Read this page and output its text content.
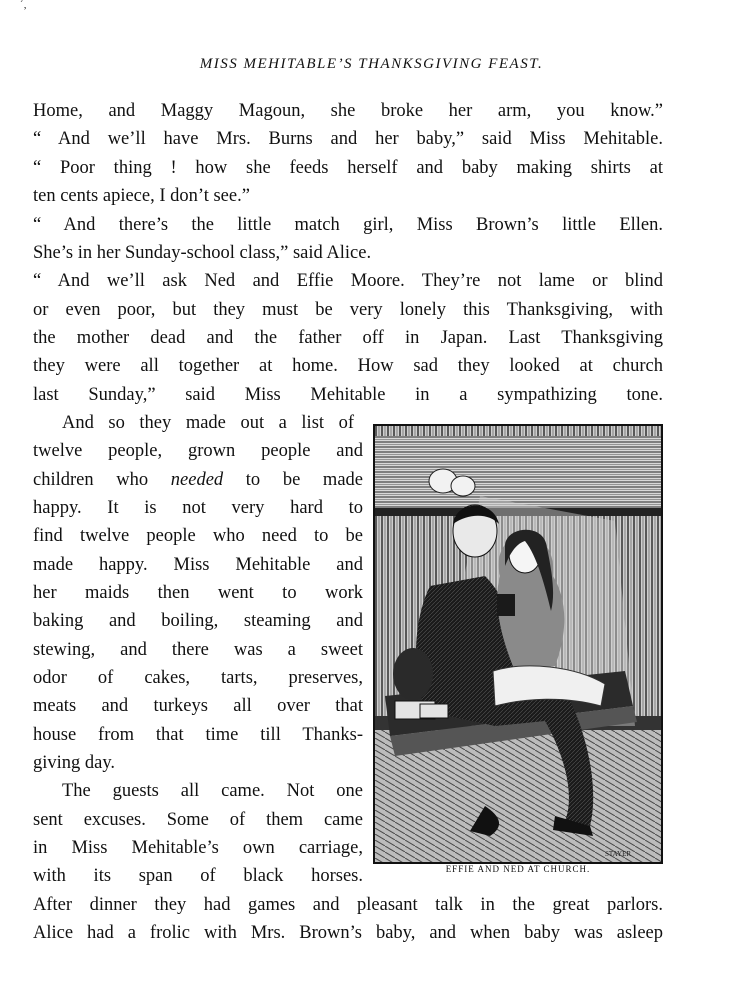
ˊ‚
MISS MEHITABLE’S THANKSGIVING FEAST.
Home, and Maggy Magoun, she broke her arm, you know.”
“ And we’ll have Mrs. Burns and her baby,” said Miss Mehitable.
“ Poor thing ! how she feeds herself and baby making shirts at
ten cents apiece, I don’t see.”
“ And there’s the little match girl, Miss Brown’s little Ellen.
She’s in her Sunday-school class,” said Alice.
“ And we’ll ask Ned and Effie Moore. They’re not lame or blind
or even poor, but they must be very lonely this Thanksgiving, with
the mother dead and the father off in Japan. Last Thanksgiving
they were all together at home. How sad they looked at church
last Sunday,” said Miss Mehitable in a sympathizing tone.
And so they made out a list of
twelve people, grown people and
children who needed to be made
happy. It is not very hard to
find twelve people who need to be
made happy. Miss Mehitable and
her maids then went to work
baking and boiling, steaming and
stewing, and there was a sweet
odor of cakes, tarts, preserves,
meats and turkeys all over that
house from that time till Thanks-
giving day.
The guests all came. Not one
sent excuses. Some of them came
in Miss Mehitable’s own carriage,
with its span of black horses.
After dinner they had games and pleasant talk in the great parlors.
Alice had a frolic with Mrs. Brown’s baby, and when baby was asleep
STAYER
EFFIE AND NED AT CHURCH.
